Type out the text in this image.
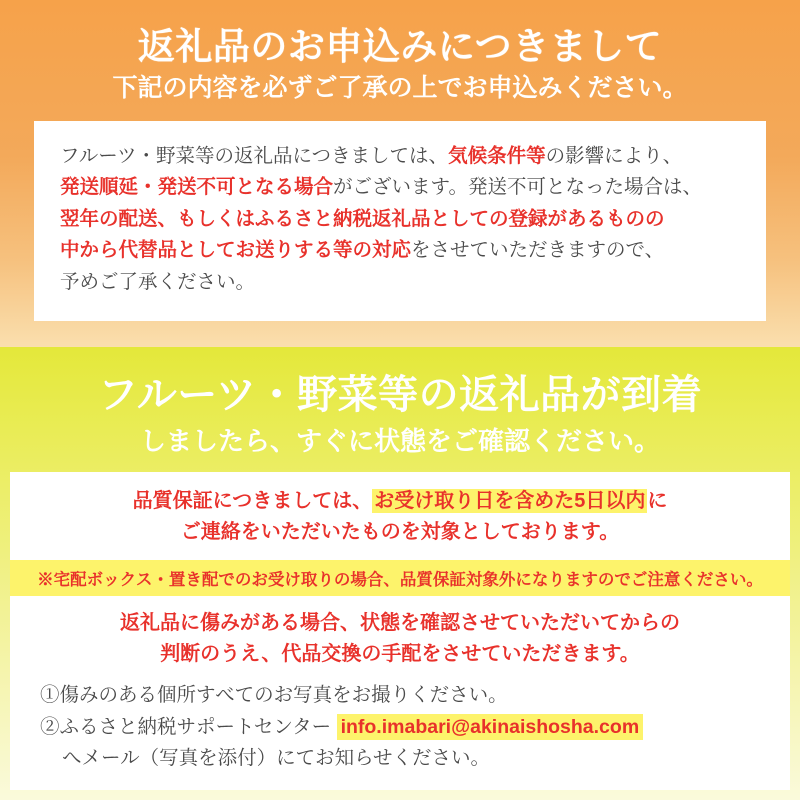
返礼品のお申込みにつきまして
下記の内容を必ずご了承の上でお申込みください。
フルーツ・野菜等の返礼品につきましては、気候条件等の影響により、
発送順延・発送不可となる場合がございます。発送不可となった場合は、
翌年の配送、もしくはふるさと納税返礼品としての登録があるものの
中から代替品としてお送りする等の対応をさせていただきますので、
予めご了承ください。
フルーツ・野菜等の返礼品が到着
しましたら、すぐに状態をご確認ください。
品質保証につきましては、 お受け取り日を含めた5日以内 に
ご連絡をいただいたものを対象としております。
※宅配ボックス・置き配でのお受け取りの場合、品質保証対象外になりますのでご注意ください。
返礼品に傷みがある場合、状態を確認させていただいてからの
判断のうえ、代品交換の手配をさせていただきます。
①傷みのある個所すべてのお写真をお撮りください。
②ふるさと納税サポートセンター info.imabari@akinaishosha.com
へメール（写真を添付）にてお知らせください。
